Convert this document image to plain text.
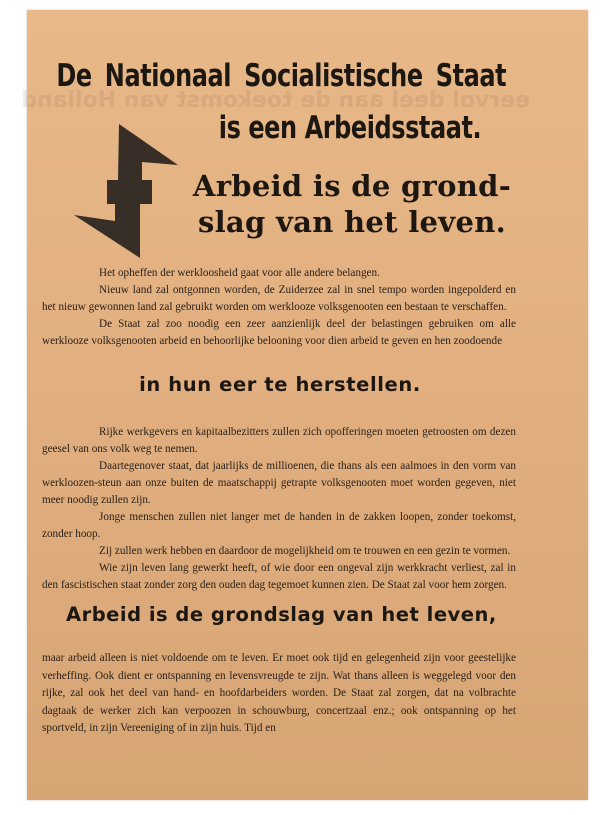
De Nationaal Socialistische Staat
is een Arbeidsstaat.
Arbeid is de grond-
slag van het leven.

Het opheffen der werkloosheid gaat voor alle andere belangen.

Nieuw land zal ontgonnen worden, de Zuiderzee zal in snel tempo worden ingepolderd en het nieuw gewonnen land zal gebruikt worden om werklooze volksgenooten een bestaan te verschaffen.

De Staat zal zoo noodig een zeer aanzienlijk deel der belastingen gebruiken om alle werklooze volksgenooten arbeid en behoorlijke belooning voor dien arbeid te geven en hen zoodoende

in hun eer te herstellen.

Rijke werkgevers en kapitaalbezitters zullen zich opofferingen moeten getroosten om dezen geesel van ons volk weg te nemen.

Daartegenover staat, dat jaarlijks de millioenen, die thans als een aalmoes in den vorm van werkloozen-steun aan onze buiten de maatschappij getrapte volksgenooten moet worden gegeven, niet meer noodig zullen zijn.

Jonge menschen zullen niet langer met de handen in de zakken loopen, zonder toekomst, zonder hoop.

Zij zullen werk hebben en daardoor de mogelijkheid om te trouwen en een gezin te vormen.

Wie zijn leven lang gewerkt heeft, of wie door een ongeval zijn werkkracht verliest, zal in den fascistischen staat zonder zorg den ouden dag tegemoet kunnen zien. De Staat zal voor hem zorgen.

Arbeid is de grondslag van het leven,

maar arbeid alleen is niet voldoende om te leven. Er moet ook tijd en gelegenheid zijn voor geestelijke verheffing. Ook dient er ontspanning en levensvreugde te zijn. Wat thans alleen is weggelegd voor den rijke, zal ook het deel van hand- en hoofdarbeiders worden. De Staat zal zorgen, dat na volbrachte dagtaak de werker zich kan verpoozen in schouwburg, concertzaal enz.; ook ontspanning op het sportveld, in zijn Vereeniging of in zijn huis. Tijd en
